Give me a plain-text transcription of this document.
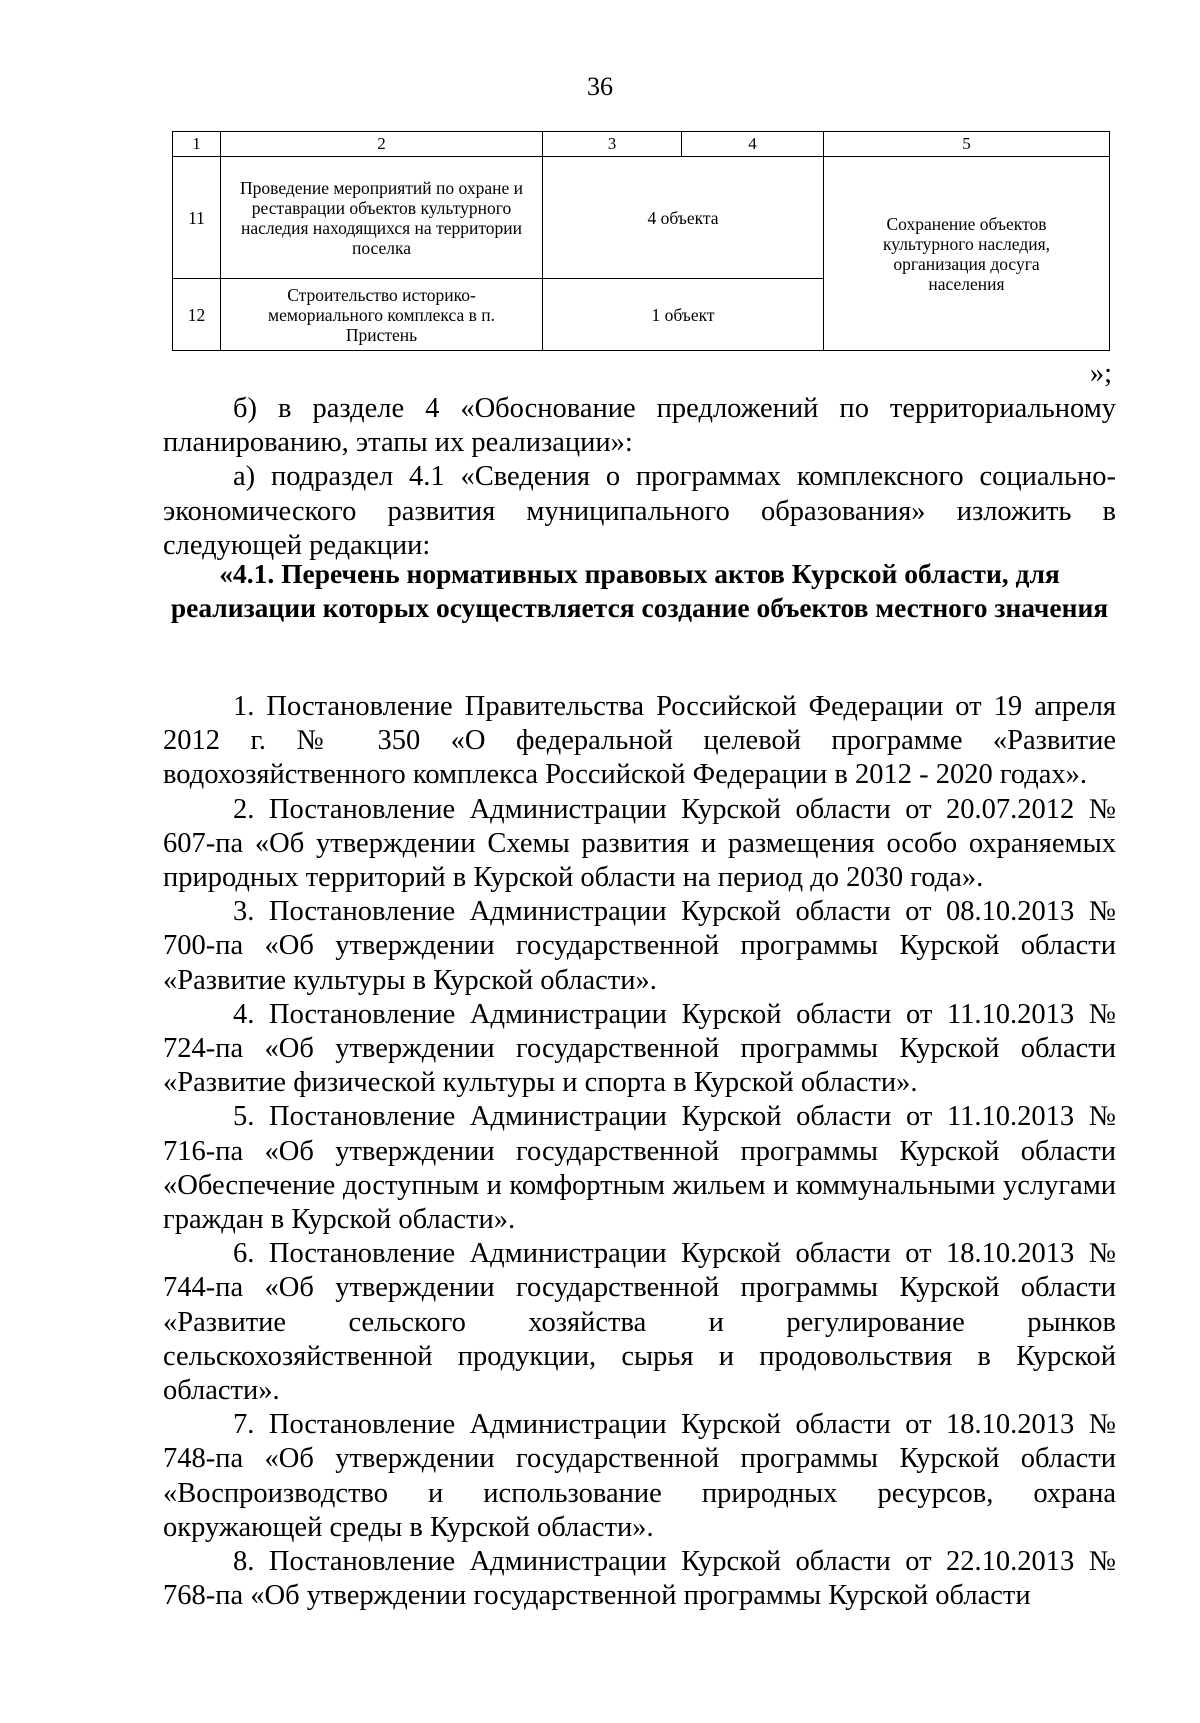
36
1	2	3	4	5
11	Проведение мероприятий по охране и реставрации объектов культурного наследия находящихся на территории поселка	4 объекта		Сохранение объектов культурного наследия, организация досуга населения
12	Строительство историко-мемориального комплекса в п. Пристень	1 объект		
»;

б) в разделе 4 «Обоснование предложений по территориальному планированию, этапы их реализации»:

а) подраздел 4.1 «Сведения о программах комплексного социально-экономического развития муниципального образования» изложить в следующей редакции:

«4.1. Перечень нормативных правовых актов Курской области, для реализации которых осуществляется создание объектов местного значения

1. Постановление Правительства Российской Федерации от 19 апреля 2012 г. № 350 «О федеральной целевой программе «Развитие водохозяйственного комплекса Российской Федерации в 2012 - 2020 годах».

2. Постановление Администрации Курской области от 20.07.2012 № 607-па «Об утверждении Схемы развития и размещения особо охраняемых природных территорий в Курской области на период до 2030 года».

3. Постановление Администрации Курской области от 08.10.2013 № 700-па «Об утверждении государственной программы Курской области «Развитие культуры в Курской области».

4. Постановление Администрации Курской области от 11.10.2013 № 724-па «Об утверждении государственной программы Курской области «Развитие физической культуры и спорта в Курской области».

5. Постановление Администрации Курской области от 11.10.2013 № 716-па «Об утверждении государственной программы Курской области «Обеспечение доступным и комфортным жильем и коммунальными услугами граждан в Курской области».

6. Постановление Администрации Курской области от 18.10.2013 № 744-па «Об утверждении государственной программы Курской области «Развитие сельского хозяйства и регулирование рынков сельскохозяйственной продукции, сырья и продовольствия в Курской области».

7. Постановление Администрации Курской области от 18.10.2013 № 748-па «Об утверждении государственной программы Курской области «Воспроизводство и использование природных ресурсов, охрана окружающей среды в Курской области».

8. Постановление Администрации Курской области от 22.10.2013 № 768-па «Об утверждении государственной программы Курской области
